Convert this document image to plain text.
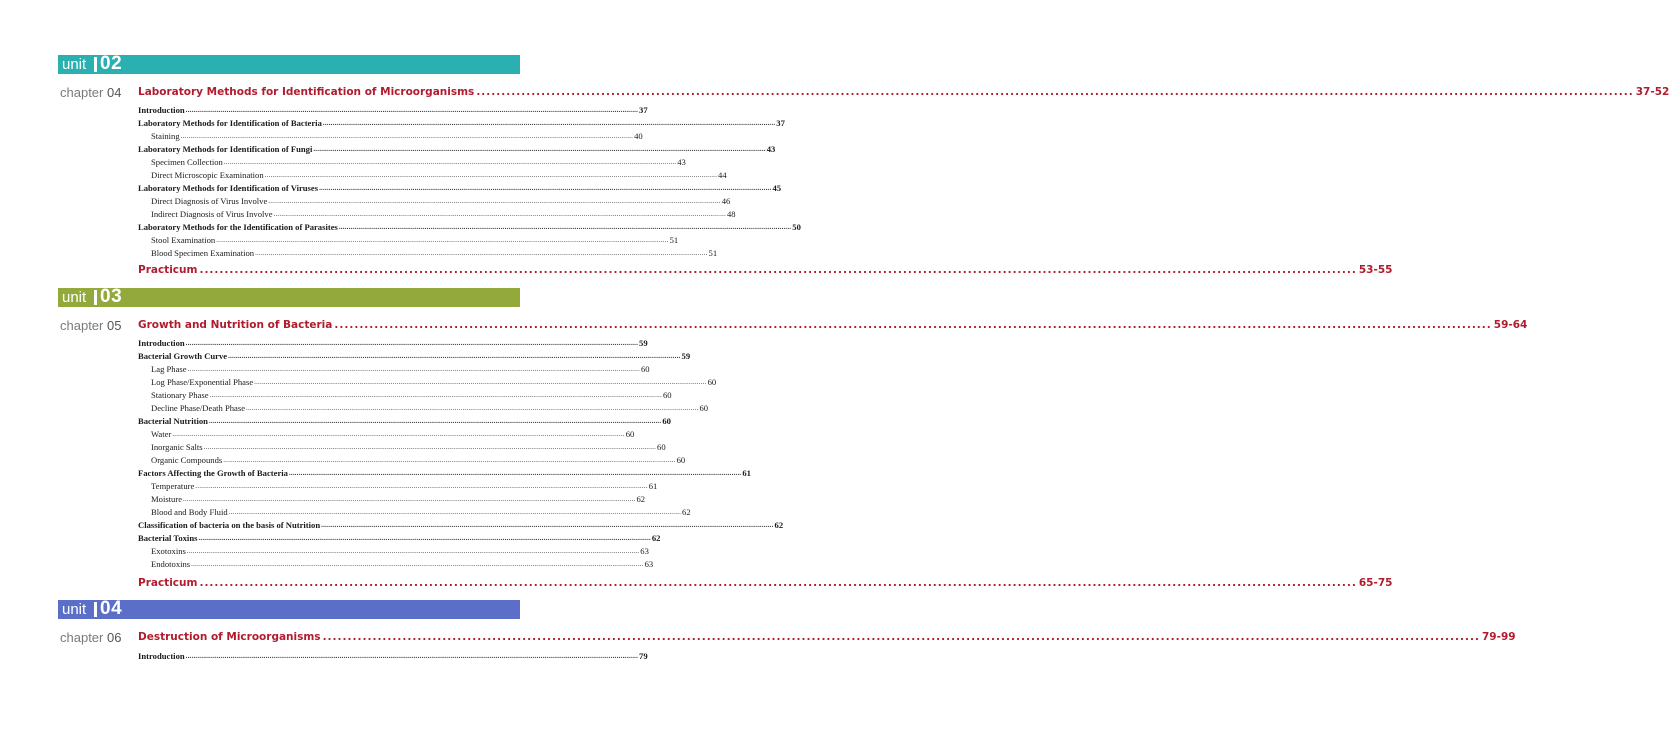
unit 02
chapter 04 Laboratory Methods for Identification of Microorganisms ........................................................................................................................................................................................................................................ 37-52
Introduction ........................................................................................................................................................................................................................................ 37
Laboratory Methods for Identification of Bacteria ........................................................................................................................................................................................................................................ 37
Staining ........................................................................................................................................................................................................................................ 40
Laboratory Methods for Identification of Fungi ........................................................................................................................................................................................................................................ 43
Specimen Collection ........................................................................................................................................................................................................................................ 43
Direct Microscopic Examination ........................................................................................................................................................................................................................................ 44
Laboratory Methods for Identification of Viruses ........................................................................................................................................................................................................................................ 45
Direct Diagnosis of Virus Involve ........................................................................................................................................................................................................................................ 46
Indirect Diagnosis of Virus Involve ........................................................................................................................................................................................................................................ 48
Laboratory Methods for the Identification of Parasites ........................................................................................................................................................................................................................................ 50
Stool Examination ........................................................................................................................................................................................................................................ 51
Blood Specimen Examination ........................................................................................................................................................................................................................................ 51
Practicum ........................................................................................................................................................................................................................................ 53-55
unit 03
chapter 05 Growth and Nutrition of Bacteria ........................................................................................................................................................................................................................................ 59-64
Introduction ........................................................................................................................................................................................................................................ 59
Bacterial Growth Curve ........................................................................................................................................................................................................................................ 59
Lag Phase ........................................................................................................................................................................................................................................ 60
Log Phase/Exponential Phase ........................................................................................................................................................................................................................................ 60
Stationary Phase ........................................................................................................................................................................................................................................ 60
Decline Phase/Death Phase ........................................................................................................................................................................................................................................ 60
Bacterial Nutrition ........................................................................................................................................................................................................................................ 60
Water ........................................................................................................................................................................................................................................ 60
Inorganic Salts ........................................................................................................................................................................................................................................ 60
Organic Compounds ........................................................................................................................................................................................................................................ 60
Factors Affecting the Growth of Bacteria ........................................................................................................................................................................................................................................ 61
Temperature ........................................................................................................................................................................................................................................ 61
Moisture ........................................................................................................................................................................................................................................ 62
Blood and Body Fluid ........................................................................................................................................................................................................................................ 62
Classification of bacteria on the basis of Nutrition ........................................................................................................................................................................................................................................ 62
Bacterial Toxins ........................................................................................................................................................................................................................................ 62
Exotoxins ........................................................................................................................................................................................................................................ 63
Endotoxins ........................................................................................................................................................................................................................................ 63
Practicum ........................................................................................................................................................................................................................................ 65-75
unit 04
chapter 06 Destruction of Microorganisms ........................................................................................................................................................................................................................................ 79-99
Introduction ........................................................................................................................................................................................................................................ 79
